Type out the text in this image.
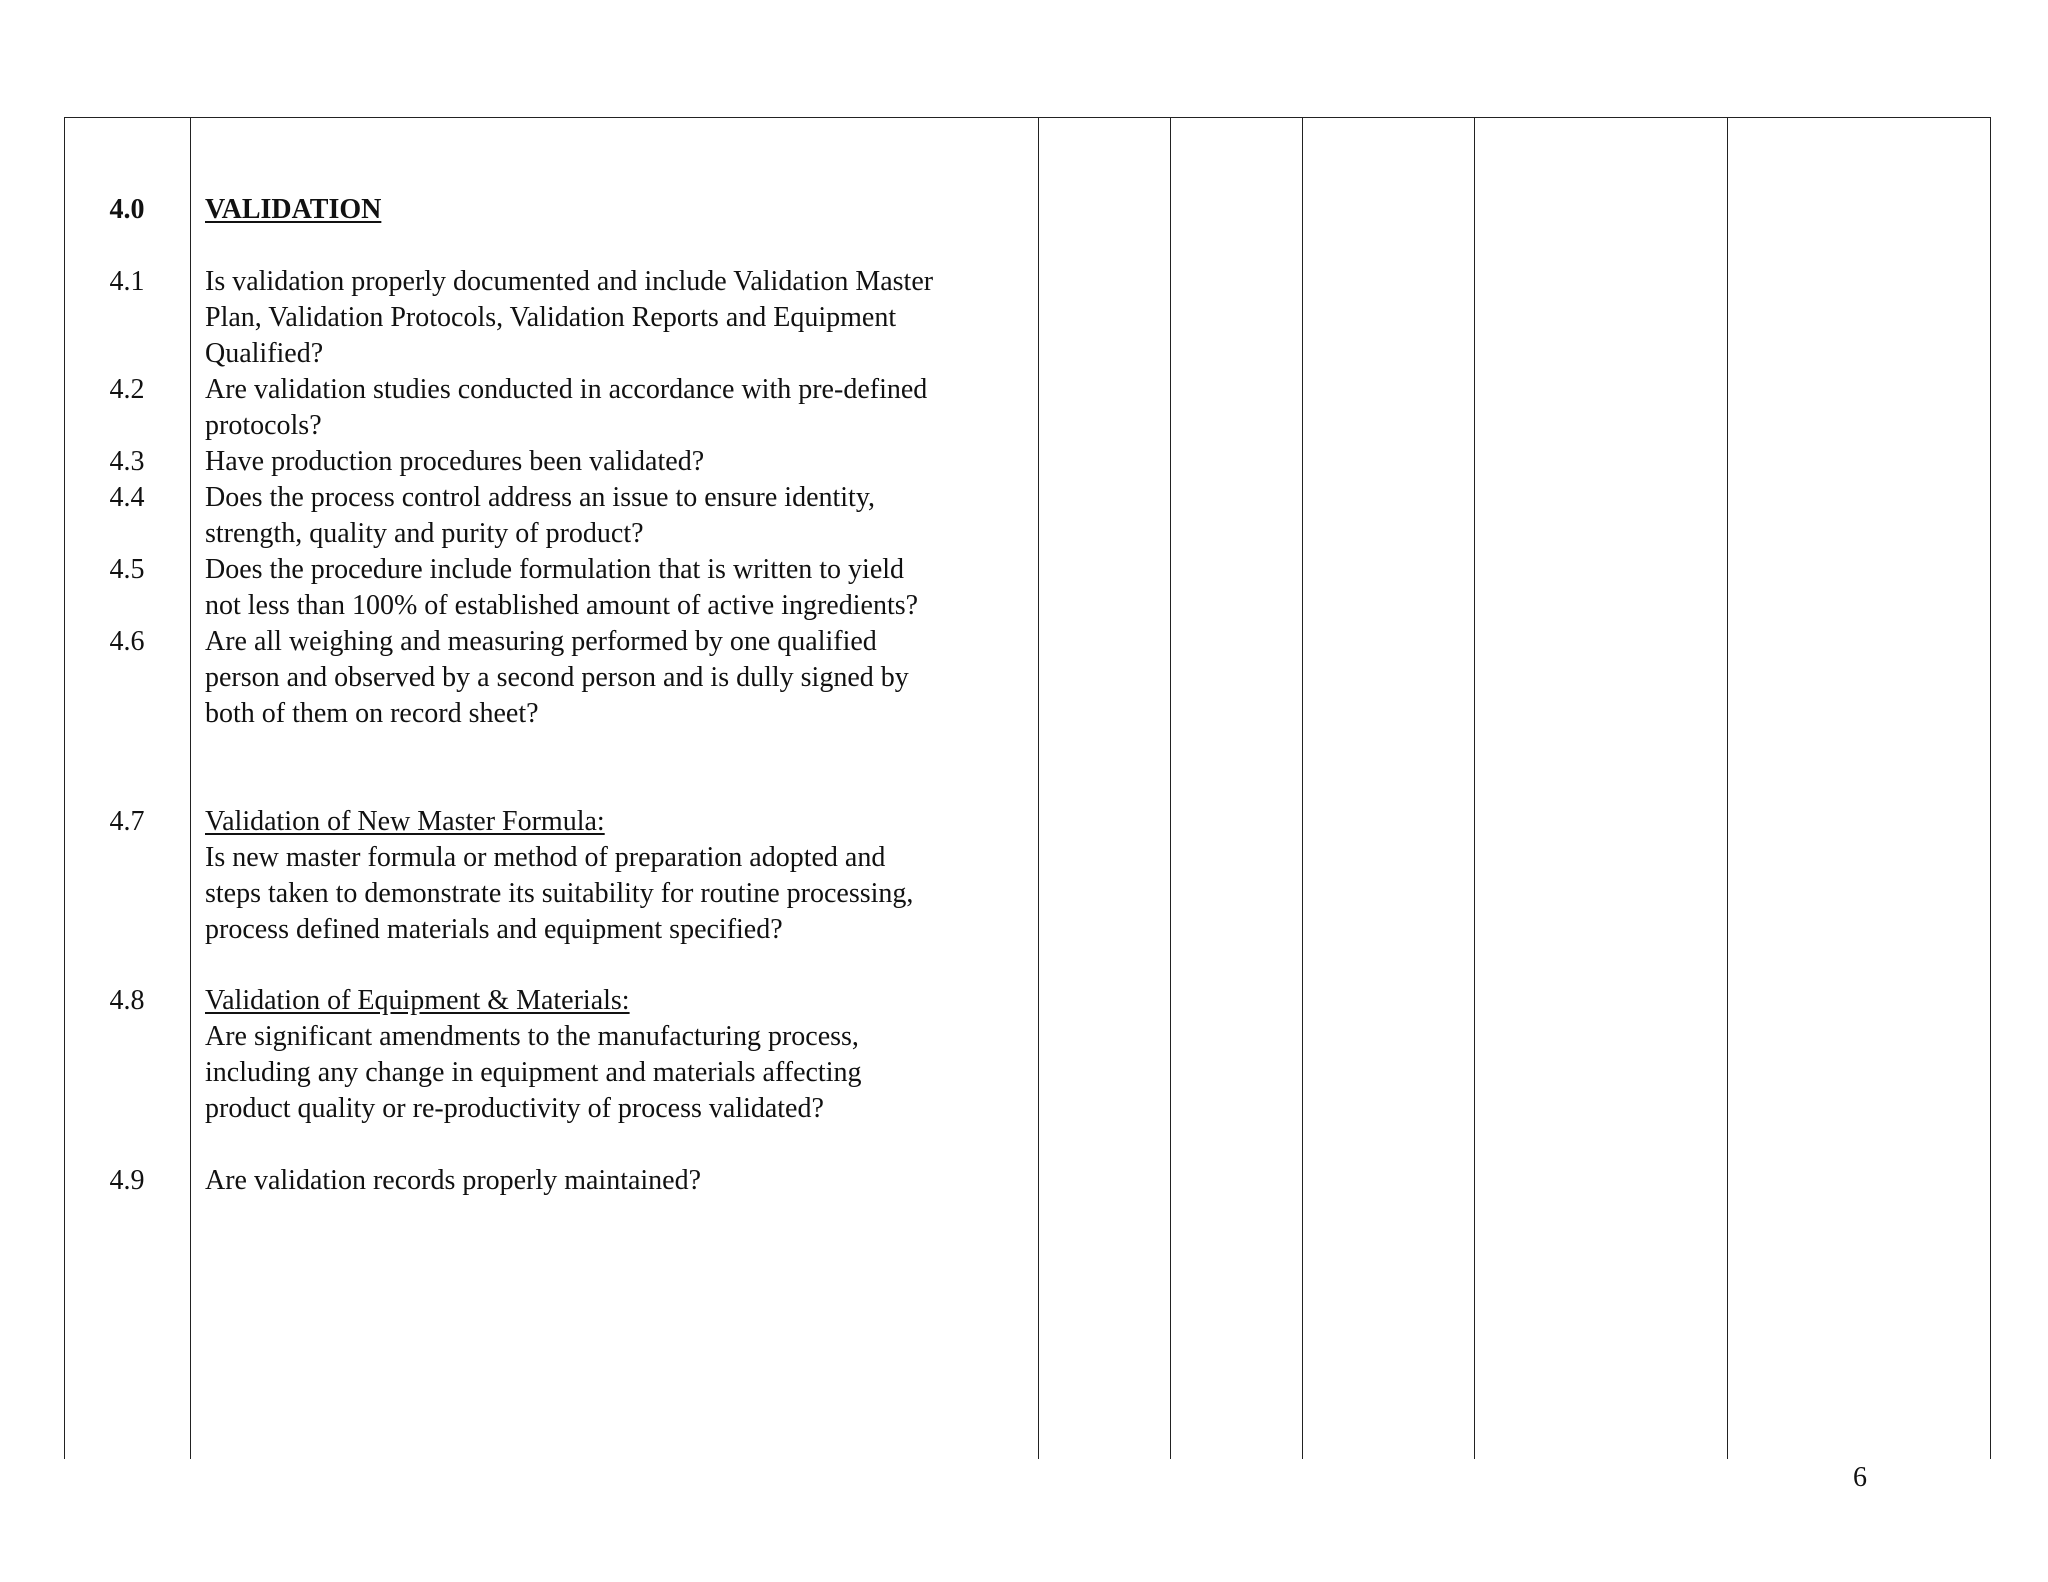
4.0	VALIDATION
4.1	Is validation properly documented and include Validation Master
Plan, Validation Protocols, Validation Reports and Equipment
Qualified?
4.2	Are validation studies conducted in accordance with pre-defined
protocols?
4.3	Have production procedures been validated?
4.4	Does the process control address an issue to ensure identity,
strength, quality and purity of product?
4.5	Does the procedure include formulation that is written to yield
not less than 100% of established amount of active ingredients?
4.6	Are all weighing and measuring performed by one qualified
person and observed by a second person and is dully signed by
both of them on record sheet?
4.7	Validation of New Master Formula:
Is new master formula or method of preparation adopted and
steps taken to demonstrate its suitability for routine processing,
process defined materials and equipment specified?
4.8	Validation of Equipment & Materials:
Are significant amendments to the manufacturing process,
including any change in equipment and materials affecting
product quality or re-productivity of process validated?
4.9	Are validation records properly maintained?
6
